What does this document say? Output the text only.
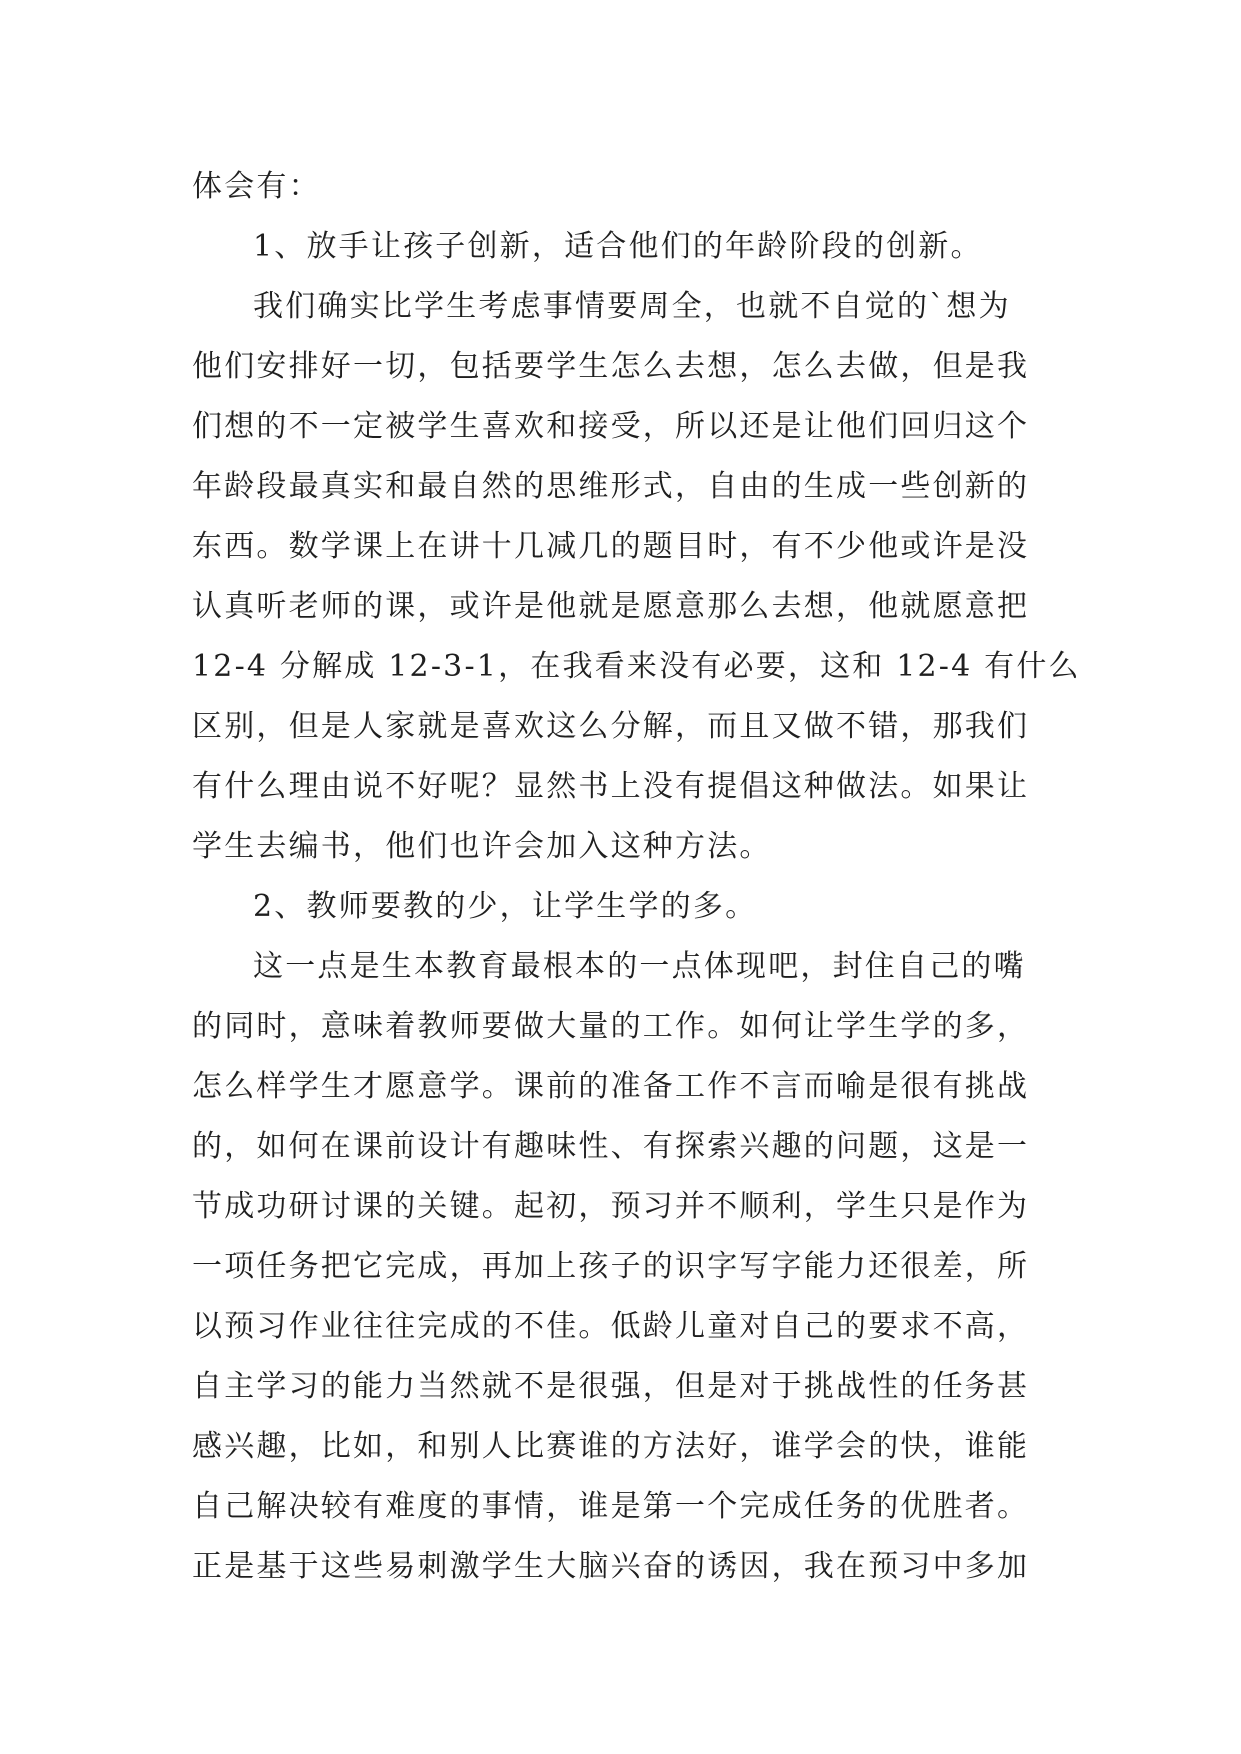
体会有：
1、放手让孩子创新，适合他们的年龄阶段的创新。
我们确实比学生考虑事情要周全，也就不自觉的`想为
他们安排好一切，包括要学生怎么去想，怎么去做，但是我
们想的不一定被学生喜欢和接受，所以还是让他们回归这个
年龄段最真实和最自然的思维形式，自由的生成一些创新的
东西。数学课上在讲十几减几的题目时，有不少他或许是没
认真听老师的课，或许是他就是愿意那么去想，他就愿意把
12-4 分解成 12-3-1，在我看来没有必要，这和 12-4 有什么
区别，但是人家就是喜欢这么分解，而且又做不错，那我们
有什么理由说不好呢？显然书上没有提倡这种做法。如果让
学生去编书，他们也许会加入这种方法。
2、教师要教的少，让学生学的多。
这一点是生本教育最根本的一点体现吧，封住自己的嘴
的同时，意味着教师要做大量的工作。如何让学生学的多，
怎么样学生才愿意学。课前的准备工作不言而喻是很有挑战
的，如何在课前设计有趣味性、有探索兴趣的问题，这是一
节成功研讨课的关键。起初，预习并不顺利，学生只是作为
一项任务把它完成，再加上孩子的识字写字能力还很差，所
以预习作业往往完成的不佳。低龄儿童对自己的要求不高，
自主学习的能力当然就不是很强，但是对于挑战性的任务甚
感兴趣，比如，和别人比赛谁的方法好，谁学会的快，谁能
自己解决较有难度的事情，谁是第一个完成任务的优胜者。
正是基于这些易刺激学生大脑兴奋的诱因，我在预习中多加
